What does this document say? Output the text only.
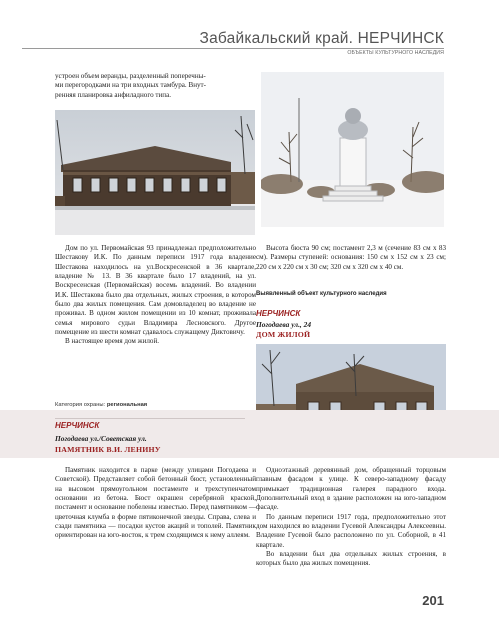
Забайкальский край. НЕРЧИНСК
ОБЪЕКТЫ КУЛЬТУРНОГО НАСЛЕДИЯ
устроен объем веранды, разделенный поперечны-
ми перегородками на три входных тамбура. Внут-
ренняя планировка анфиладного типа.

Дом по ул. Первомайская 93 принадлежал предположительно Шестакову И.К. По данным переписи 1917 года владение Шестакова находилось на ул.Воскресенской в 36 квартале, владение № 13. В 36 квартале было 17 владений, на ул. Воскресенская (Первомайская) восемь владений. Во владении И.К. Шестакова было два отдельных, жилых строения, в котором было два жилых помещения. Сам домовладелец во владение не проживал. В одном жилом помещении из 10 комнат, проживала семья мирового судьи Владимира Лесновского. Другое помещение из шести комнат сдавалось служащему Диктовичу.

В настоящее время дом жилой.

Категория охраны: региональная

Высота бюста 90 см; постамент 2,3 м (сечение 83 см х 83 см). Размеры ступеней: основания: 150 см х 152 см х 23 см; 220 см х 220 см х 30 см; 320 см х 320 см х 40 см.

Выявленный объект культурного наследия
НЕРЧИНСК
Погодаева ул., 24
ДОМ ЖИЛОЙ
НЕРЧИНСК
Погодаева ул./Советская ул.
ПАМЯТНИК В.И. ЛЕНИНУ

Памятник находится в парке (между улицами Погодаева и Советской). Представляет собой бетонный бюст, установленный на высоком прямоугольном постаменте и трехступенчатом основании из бетона. Бюст окрашен серебряной краской, постамент и основание побелены известью. Перед памятником — цветочная клумба в форме пятиконечной звезды. Справа, слева и сзади памятника — посадки кустов акаций и тополей. Памятник ориентирован на юго-восток, к трем сходящимся к нему аллеям.

Одноэтажный деревянный дом, обращенный торцовым главным фасадом к улице. К северо-западному фасаду примыкает традиционная галерея парадного входа. Дополнительный вход в здание расположен на юго-западном фасаде.

По данным переписи 1917 года, предположительно этот дом находился во владении Гусевой Александры Алексеевны. Владение Гусевой было расположено по ул. Соборной, в 41 квартале.

Во владении был два отдельных жилых строения, в которых было два жилых помещения.

201
